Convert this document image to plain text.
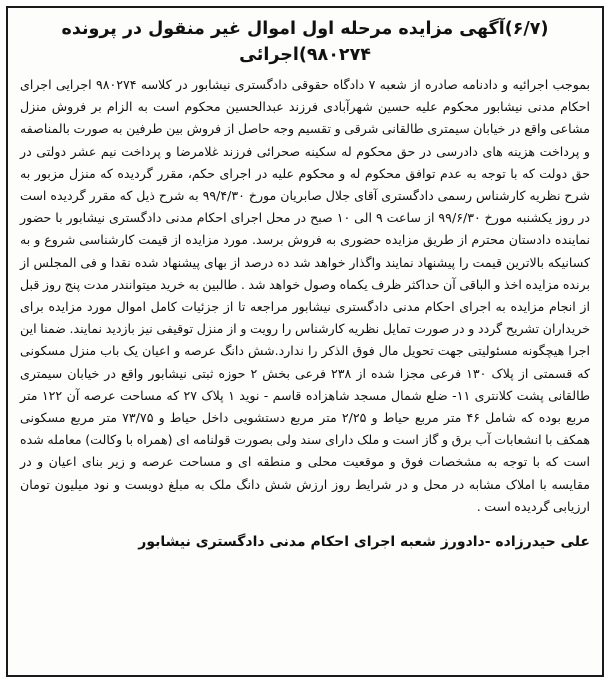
(۶/۷)آگهی مزایده مرحله اول اموال غیر منقول در پرونده
۹۸۰۲۷۴)اجرائی

بموجب اجرائیه و دادنامه صادره از شعبه ۷ دادگاه حقوقی دادگستری نیشابور در کلاسه ۹۸۰۲۷۴ اجرایی اجرای احکام مدنی نیشابور محکوم علیه حسین شهرآبادی فرزند عبدالحسین محکوم است به الزام بر فروش منزل مشاعی واقع در خیابان سیمتری طالقانی شرقی و تقسیم وجه حاصل از فروش بین طرفین به صورت بالمناصفه و پرداخت هزینه های دادرسی در حق محکوم له سکینه صحرائی فرزند غلامرضا و پرداخت نیم عشر دولتی در حق دولت که با توجه به عدم توافق محکوم له و محکوم علیه در اجرای حکم، مقرر گردیده که منزل مزبور به شرح نظریه کارشناس رسمی دادگستری آقای جلال صابریان مورخ ۹۹/۴/۳۰ به شرح ذیل که مقرر گردیده است در روز یکشنبه مورخ ۹۹/۶/۳۰ از ساعت ۹ الی ۱۰ صبح در محل اجرای احکام مدنی دادگستری نیشابور با حضور نماینده دادستان محترم از طریق مزایده حضوری به فروش برسد. مورد مزایده از قیمت کارشناسی شروع و به کسانیکه بالاترین قیمت را پیشنهاد نمایند واگذار خواهد شد ده درصد از بهای پیشنهاد شده نقدا و فی المجلس از برنده مزایده اخذ و الباقی آن حداکثر ظرف یکماه وصول خواهد شد . طالبین به خرید میتوانندر مدت پنج روز قبل از انجام مزایده به اجرای احکام مدنی دادگستری نیشابور مراجعه تا از جزئیات کامل اموال مورد مزایده برای خریداران تشریح گردد و در صورت تمایل نظریه کارشناس را رویت و از منزل توقیفی نیز بازدید نمایند. ضمنا این اجرا هیچگونه مسئولیتی جهت تحویل مال فوق الذکر را ندارد.شش دانگ عرصه و اعیان یک باب منزل مسکونی که قسمتی از پلاک ۱۳۰ فرعی مجزا شده از ۲۳۸ فرعی بخش ۲ حوزه ثبتی نیشابور واقع در خیابان سیمتری طالقانی پشت کلانتری ۱۱- ضلع شمال مسجد شاهزاده قاسم - نوید ۱ پلاک ۲۷ که مساحت عرصه آن ۱۲۲ متر مربع بوده که شامل ۴۶ متر مربع حیاط و ۲/۲۵ متر مربع دستشویی داخل حیاط و ۷۳/۷۵ متر مربع مسکونی همکف با انشعابات آب برق و گاز است و ملک دارای سند ولی بصورت قولنامه ای (همراه با وکالت) معامله شده است که با توجه به مشخصات فوق و موقعیت محلی و منطقه ای و مساحت عرصه و زیر بنای اعیان و در مقایسه با املاک مشابه در محل و در شرایط روز ارزش شش دانگ ملک به مبلغ دویست و نود میلیون تومان ارزیابی گردیده است .

علی حیدرزاده -دادورز شعبه اجرای احکام مدنی دادگستری نیشابور
